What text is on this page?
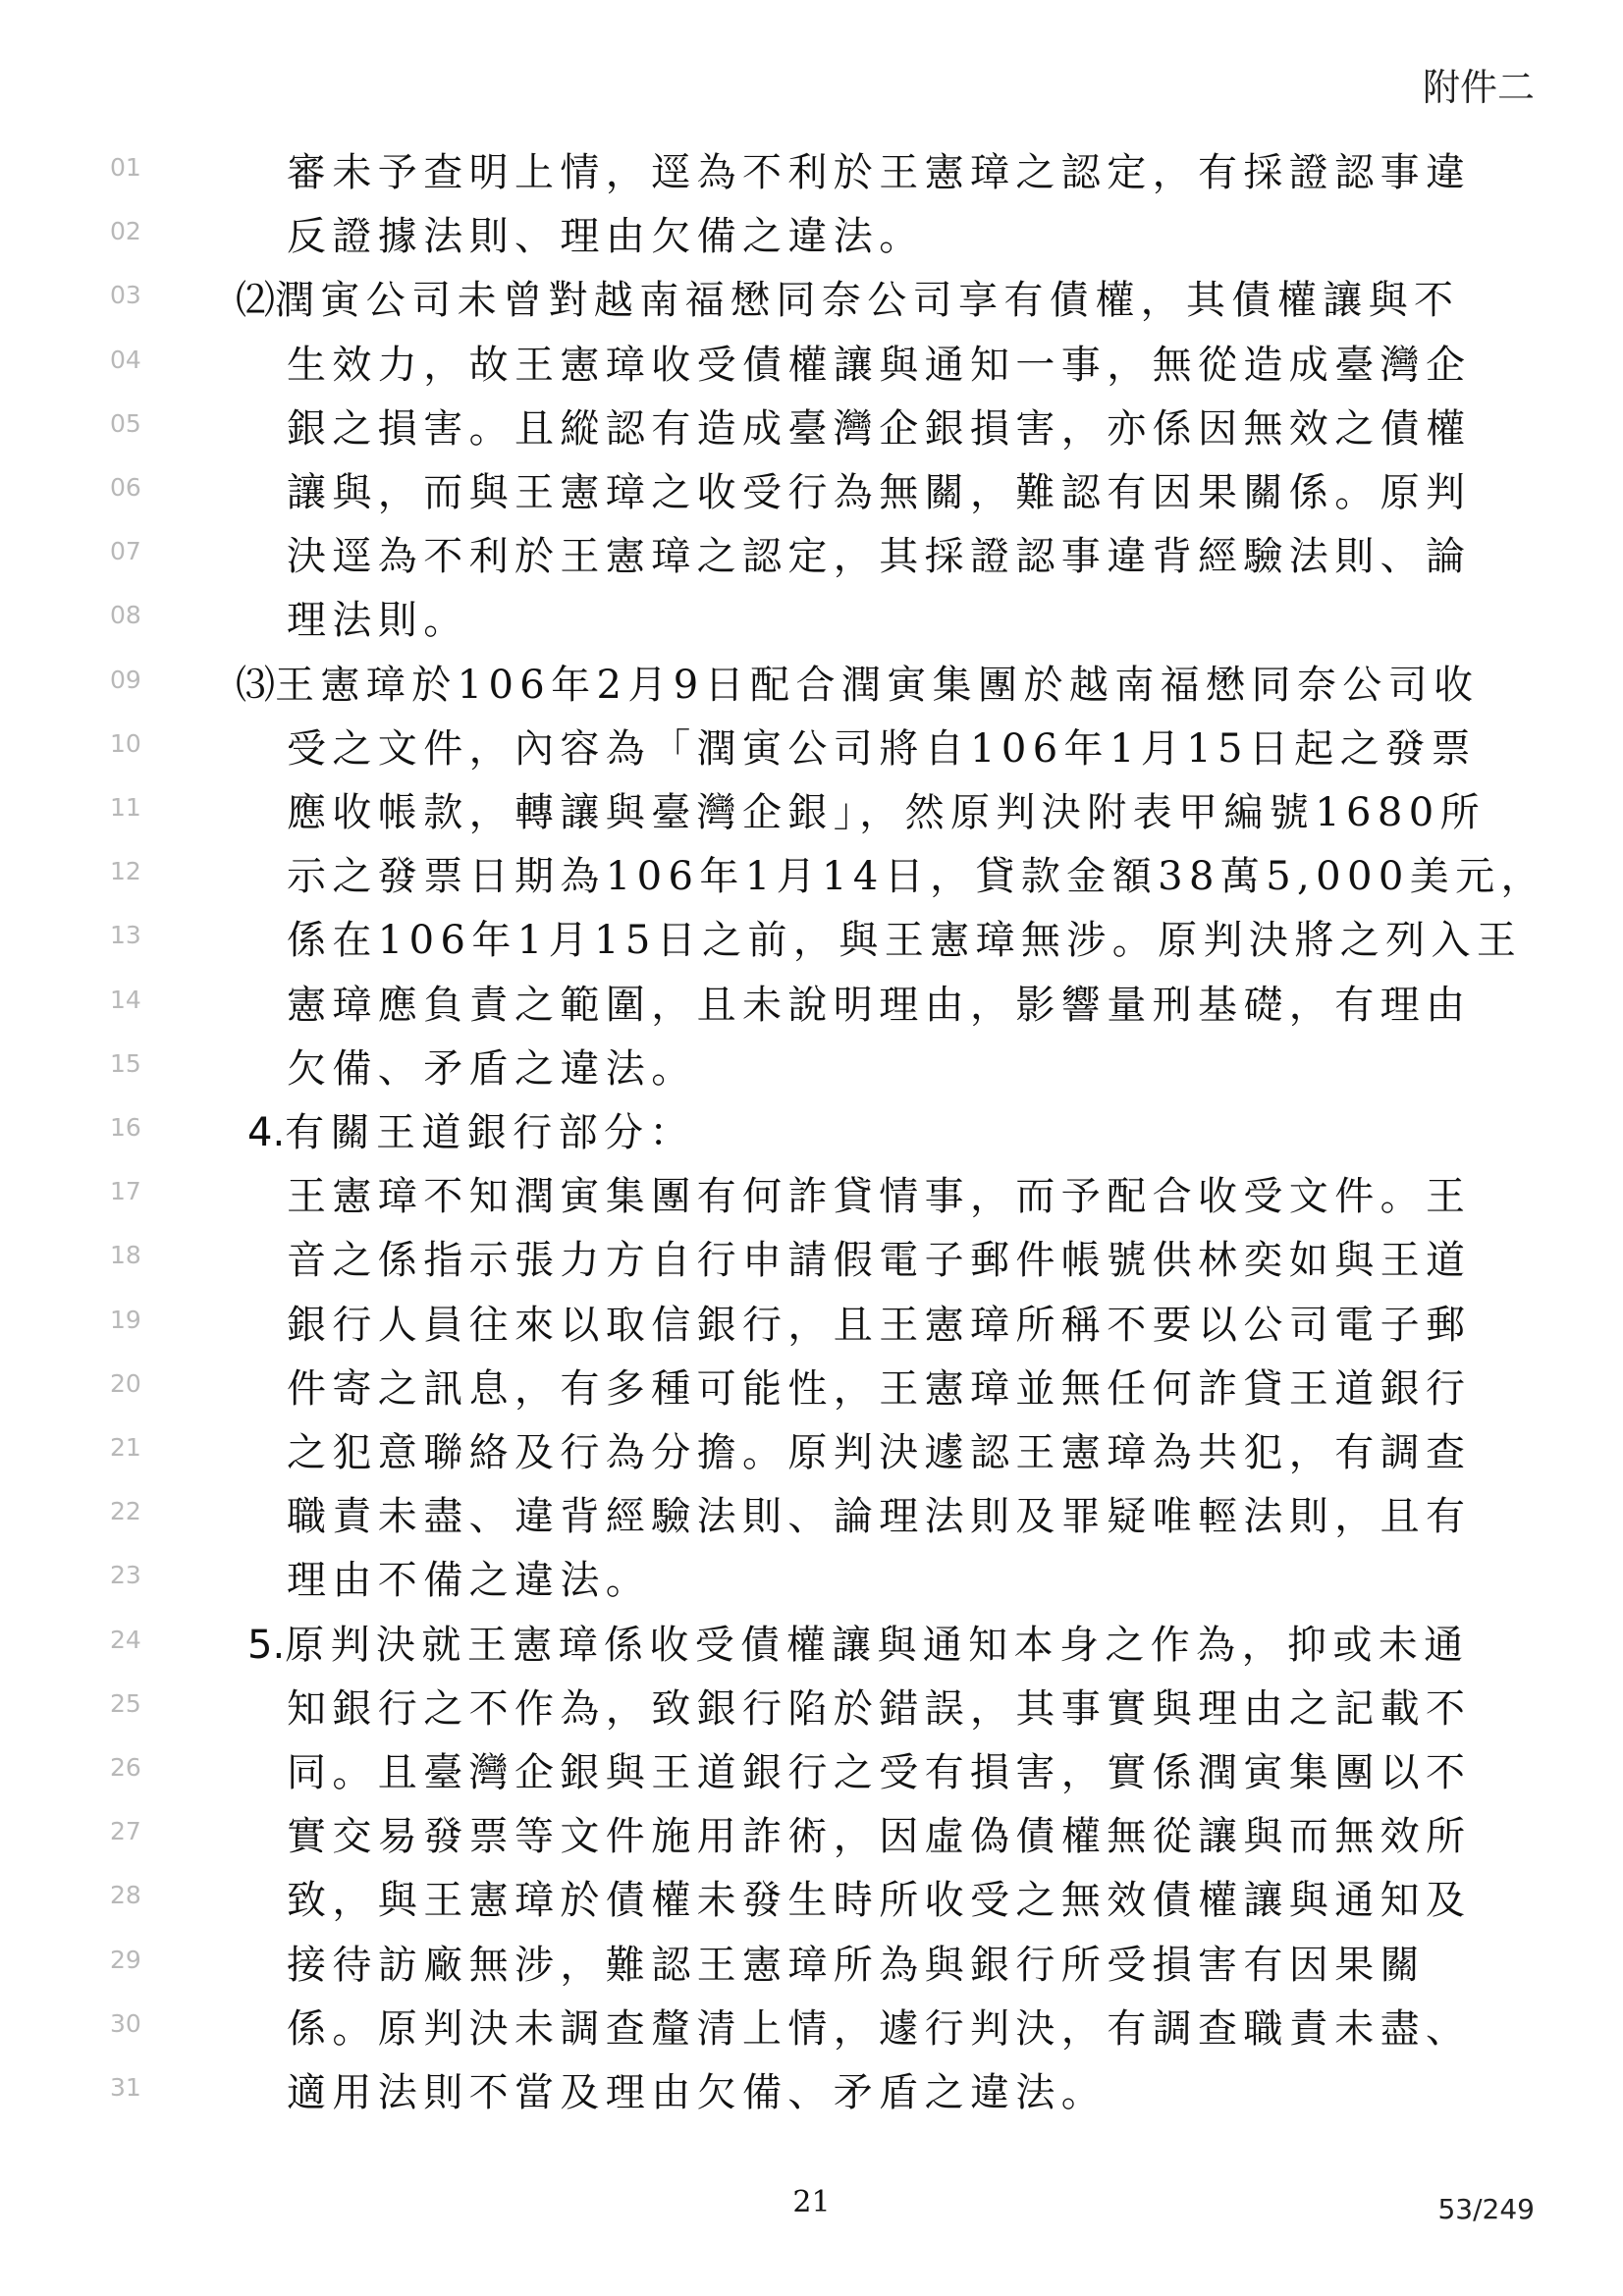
附件二
01	審未予查明上情，逕為不利於王憲璋之認定，有採證認事違
02	反證據法則、理由欠備之違法。
03 ⑵潤寅公司未曾對越南福懋同奈公司享有債權，其債權讓與不
04	生效力，故王憲璋收受債權讓與通知一事，無從造成臺灣企
05	銀之損害。且縱認有造成臺灣企銀損害，亦係因無效之債權
06	讓與，而與王憲璋之收受行為無關，難認有因果關係。原判
07	決逕為不利於王憲璋之認定，其採證認事違背經驗法則、論
08	理法則。
09 ⑶王憲璋於106年2月9日配合潤寅集團於越南福懋同奈公司收
10	受之文件，內容為「潤寅公司將自106年1月15日起之發票
11	應收帳款，轉讓與臺灣企銀」，然原判決附表甲編號1680所
12	示之發票日期為106年1月14日，貸款金額38萬5,000美元，
13	係在106年1月15日之前，與王憲璋無涉。原判決將之列入王
14	憲璋應負責之範圍，且未說明理由，影響量刑基礎，有理由
15	欠備、矛盾之違法。
16	4.有關王道銀行部分：
17	王憲璋不知潤寅集團有何詐貸情事，而予配合收受文件。王
18	音之係指示張力方自行申請假電子郵件帳號供林奕如與王道
19	銀行人員往來以取信銀行，且王憲璋所稱不要以公司電子郵
20	件寄之訊息，有多種可能性，王憲璋並無任何詐貸王道銀行
21	之犯意聯絡及行為分擔。原判決遽認王憲璋為共犯，有調查
22	職責未盡、違背經驗法則、論理法則及罪疑唯輕法則，且有
23	理由不備之違法。
24	5.原判決就王憲璋係收受債權讓與通知本身之作為，抑或未通
25	知銀行之不作為，致銀行陷於錯誤，其事實與理由之記載不
26	同。且臺灣企銀與王道銀行之受有損害，實係潤寅集團以不
27	實交易發票等文件施用詐術，因虛偽債權無從讓與而無效所
28	致，與王憲璋於債權未發生時所收受之無效債權讓與通知及
29	接待訪廠無涉，難認王憲璋所為與銀行所受損害有因果關
30	係。原判決未調查釐清上情，遽行判決，有調查職責未盡、
31	適用法則不當及理由欠備、矛盾之違法。
21	53/249
